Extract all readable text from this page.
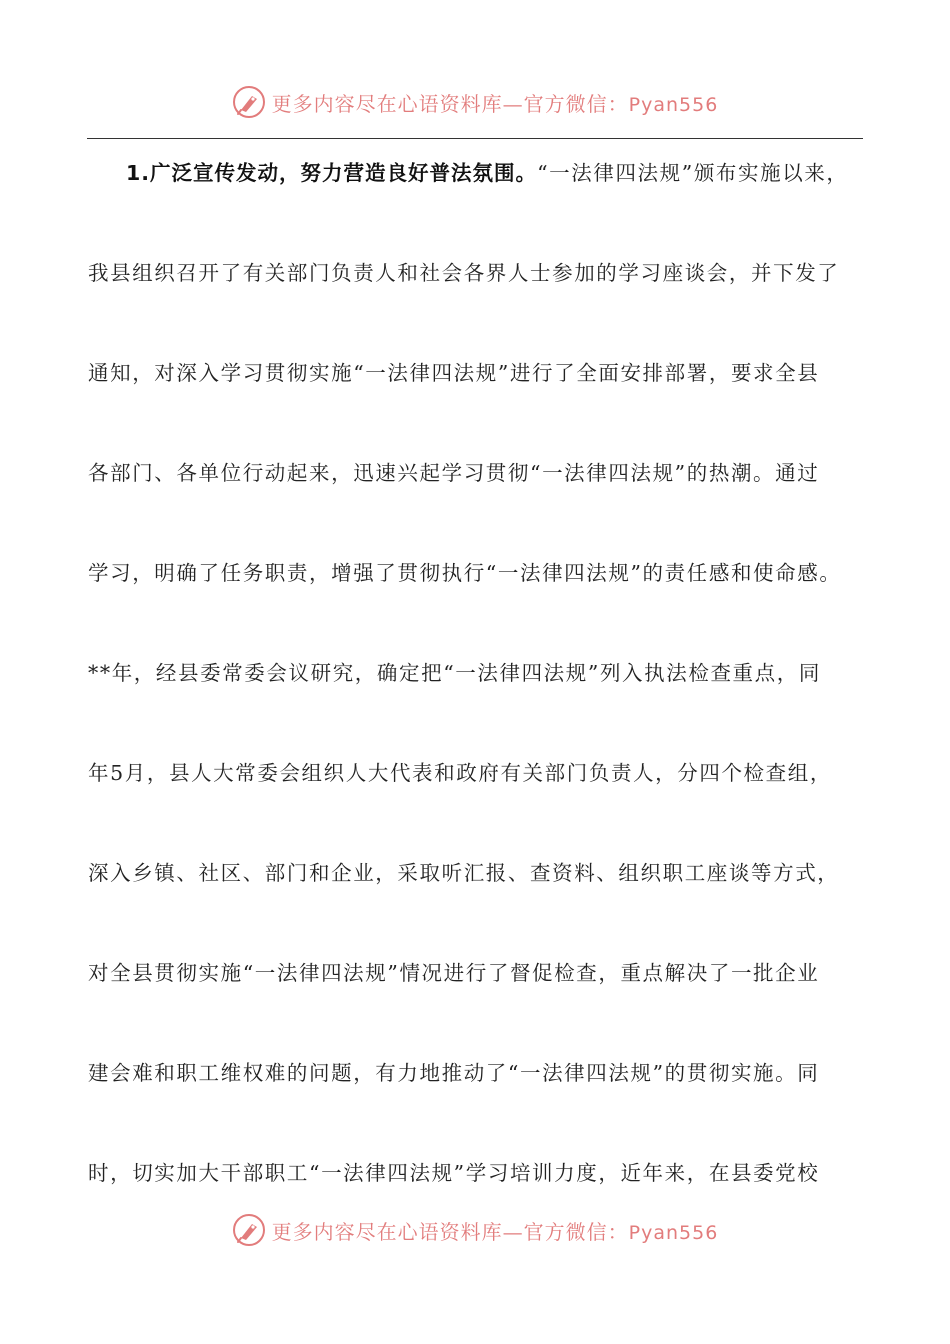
更多内容尽在心语资料库—官方微信：Pyan556
1.广泛宣传发动，努力营造良好普法氛围。“一法律四法规”颁布实施以来，
我县组织召开了有关部门负责人和社会各界人士参加的学习座谈会，并下发了
通知，对深入学习贯彻实施“一法律四法规”进行了全面安排部署，要求全县
各部门、各单位行动起来，迅速兴起学习贯彻“一法律四法规”的热潮。通过
学习，明确了任务职责，增强了贯彻执行“一法律四法规”的责任感和使命感。
**年，经县委常委会议研究，确定把“一法律四法规”列入执法检查重点，同
年5月，县人大常委会组织人大代表和政府有关部门负责人，分四个检查组，
深入乡镇、社区、部门和企业，采取听汇报、查资料、组织职工座谈等方式，
对全县贯彻实施“一法律四法规”情况进行了督促检查，重点解决了一批企业
建会难和职工维权难的问题，有力地推动了“一法律四法规”的贯彻实施。同
时，切实加大干部职工“一法律四法规”学习培训力度，近年来，在县委党校
更多内容尽在心语资料库—官方微信：Pyan556
